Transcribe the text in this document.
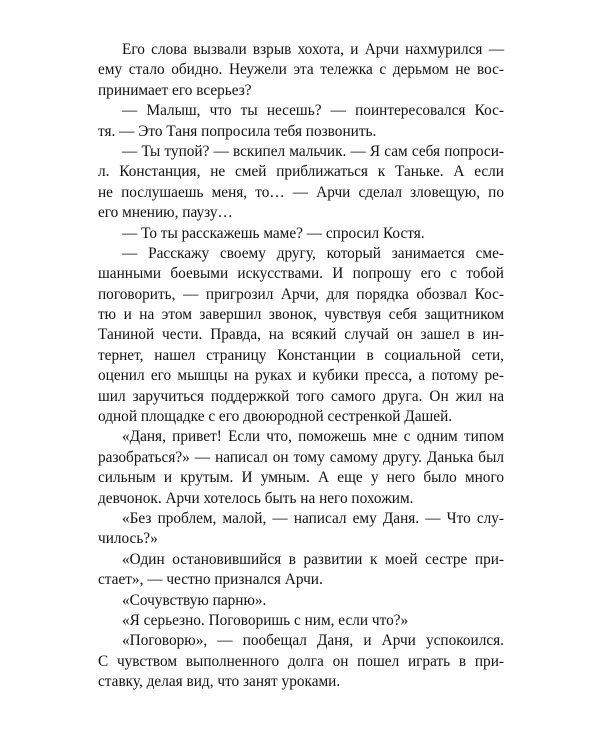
Его слова вызвали взрыв хохота, и Арчи нахмурился —
ему стало обидно. Неужели эта тележка с дерьмом не вос-
принимает его всерьез?
— Малыш, что ты несешь? — поинтересовался Кос-
тя. — Это Таня попросила тебя позвонить.
— Ты тупой? — вскипел мальчик. — Я сам себя попроси-
л. Констанция, не смей приближаться к Таньке. А если
не послушаешь меня, то… — Арчи сделал зловещую, по
его мнению, паузу…
— То ты расскажешь маме? — спросил Костя.
— Расскажу своему другу, который занимается сме-
шанными боевыми искусствами. И попрошу его с тобой
поговорить, — пригрозил Арчи, для порядка обозвал Кос-
тю и на этом завершил звонок, чувствуя себя защитником
Таниной чести. Правда, на всякий случай он зашел в ин-
тернет, нашел страницу Констанции в социальной сети,
оценил его мышцы на руках и кубики пресса, а потому ре-
шил заручиться поддержкой того самого друга. Он жил на
одной площадке с его двоюродной сестренкой Дашей.
«Даня, привет! Если что, поможешь мне с одним типом
разобраться?» — написал он тому самому другу. Данька был
сильным и крутым. И умным. А еще у него было много
девчонок. Арчи хотелось быть на него похожим.
«Без проблем, малой, — написал ему Даня. — Что слу-
чилось?»
«Один остановившийся в развитии к моей сестре при-
стает», — честно признался Арчи.
«Сочувствую парню».
«Я серьезно. Поговоришь с ним, если что?»
«Поговорю», — пообещал Даня, и Арчи успокоился.
С чувством выполненного долга он пошел играть в при-
ставку, делая вид, что занят уроками.
